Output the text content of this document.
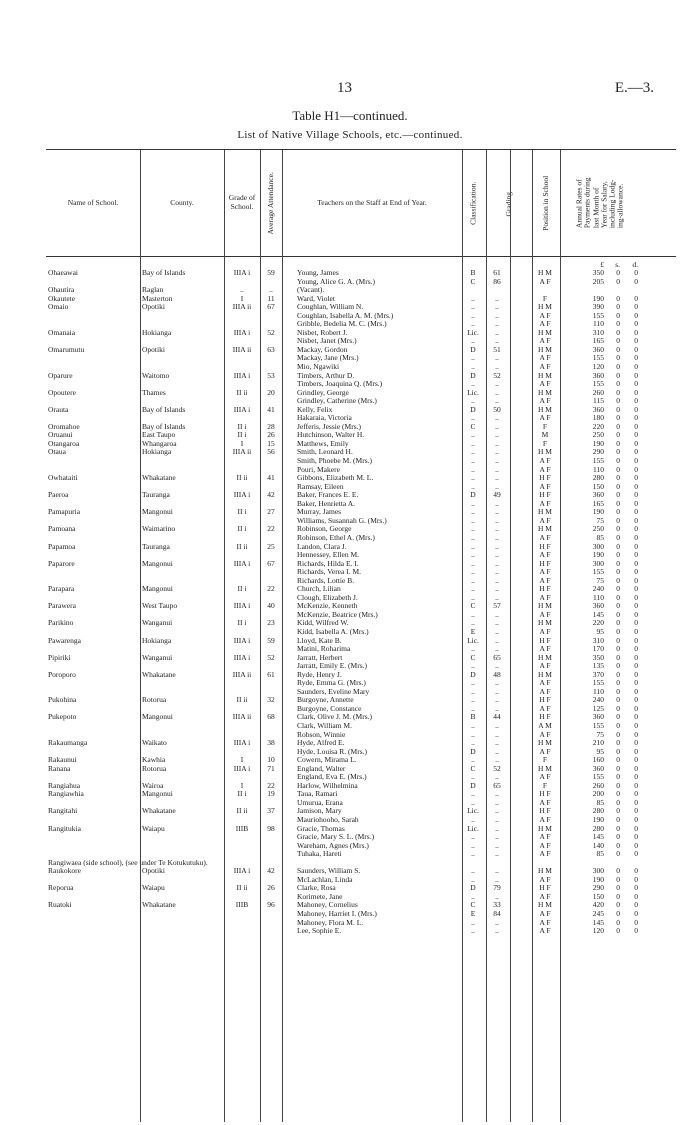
13	E.—3.
Table H1—continued.
List of Native Village Schools, etc.—continued.
Name of School.	County.	Grade of School.	Average Attendance.	Teachers on the Staff at End of Year.	Classification.	Grading.	Position in School	Annual Rates of
Payments during
last Month of
Year for Salary,
including Lodg-
ing-allowance.
£	s.	d.
Ohaeawai	Bay of Islands	IIIA i	59	Young, James	B	61	H M	350	0	0
Young, Alice G. A. (Mrs.)	C	86	A F	205	0	0
Ohautira	Raglan	..	..	(Vacant).
Okautete	Masterton	I	11	Ward, Violet	..	..	F	190	0	0
Omaio	Opotiki	IIIA ii	67	Coughlan, William N.	..	..	H M	390	0	0
Coughlan, Isabella A. M. (Mrs.)	..	..	A F	155	0	0
Gribble, Bedelia M. C. (Mrs.)	..	..	A F	110	0	0
Omanaia	Hokianga	IIIA i	52	Nisbet, Robert J.	Lic.	..	H M	310	0	0
Nisbet, Janet (Mrs.)	..	..	A F	165	0	0
Omarumutu	Opotiki	IIIA ii	63	Mackay, Gordon	D	51	H M	360	0	0
Mackay, Jane (Mrs.)	..	..	A F	155	0	0
Mio, Ngawiki	..	..	A F	120	0	0
Oparure	Waitomo	IIIA i	53	Timbers, Arthur D.	D	52	H M	360	0	0
Timbers, Joaquina Q. (Mrs.)	..	..	A F	155	0	0
Opoutere	Thames	II ii	20	Grindley, George	Lic.	..	H M	260	0	0
Grindley, Catherine (Mrs.)	..	..	A F	115	0	0
Orauta	Bay of Islands	IIIA i	41	Kelly, Felix	D	50	H M	360	0	0
Hakaraia, Victoria	..	..	A F	180	0	0
Oromahoe	Bay of Islands	II i	28	Jefferis, Jessie (Mrs.)	C	..	F	220	0	0
Oruanui	East Taupo	II i	26	Hutchinson, Walter H.	..	..	M	250	0	0
Otangaroa	Whangaroa	I	15	Matthews, Emily	..	..	F	190	0	0
Otaua	Hokianga	IIIA ii	56	Smith, Leonard H.	..	..	H M	290	0	0
Smith, Phoebe M. (Mrs.)	..	..	A F	155	0	0
Pouri, Makere	..	..	A F	110	0	0
Owhataiti	Whakatane	II ii	41	Gibbons, Elizabeth M. L.	..	..	H F	280	0	0
Ramsay, Eileen	..	..	A F	150	0	0
Paeroa	Tauranga	IIIA i	42	Baker, Frances E. E.	D	49	H F	360	0	0
Baker, Henrietta A.	..	..	A F	165	0	0
Pamapuria	Mangonui	II i	27	Murray, James	..	..	H M	190	0	0
Williams, Susannah G. (Mrs.)	..	..	A F	75	0	0
Pamoana	Waimarino	II i	22	Robinson, George	..	..	H M	250	0	0
Robinson, Ethel A. (Mrs.)	..	..	A F	85	0	0
Papamoa	Tauranga	II ii	25	Landon, Clara J.	..	..	H F	300	0	0
Hennessey, Ellen M.	..	..	A F	190	0	0
Paparore	Mangonui	IIIA i	67	Richards, Hilda E. I.	..	..	H F	300	0	0
Richards, Verea I. M.	..	..	A F	155	0	0
Richards, Lottie B.	..	..	A F	75	0	0
Parapara	Mangonui	II i	22	Church, Lilian	..	..	H F	240	0	0
Clough, Elizabeth J.	..	..	A F	110	0	0
Parawera	West Taupo	IIIA i	40	McKenzie, Kenneth	C	57	H M	360	0	0
McKenzie, Beatrice (Mrs.)	..	..	A F	145	0	0
Parikino	Wanganui	II i	23	Kidd, Wilfred W.	..	..	H M	220	0	0
Kidd, Isabella A. (Mrs.)	E	..	A F	95	0	0
Pawarenga	Hokianga	IIIA i	59	Lloyd, Kate B.	Lic.	..	H F	310	0	0
Matini, Roharima	..	..	A F	170	0	0
Pipiriki	Wanganui	IIIA i	52	Jarratt, Herbert	C	65	H M	350	0	0
Jarratt, Emily E. (Mrs.)	..	..	A F	135	0	0
Poroporo	Whakatane	IIIA ii	61	Ryde, Henry J.	D	48	H M	370	0	0
Ryde, Emma G. (Mrs.)	..	..	A F	155	0	0
Saunders, Eveline Mary	..	..	A F	110	0	0
Pukohina	Rotorua	II ii	32	Burgoyne, Annette	..	..	H F	240	0	0
Burgoyne, Constance	..	..	A F	125	0	0
Pukepoto	Mangonui	IIIA ii	68	Clark, Olive J. M. (Mrs.)	B	44	H F	360	0	0
Clark, William M.	..	..	A M	155	0	0
Robson, Winnie	..	..	A F	75	0	0
Rakaumanga	Waikato	IIIA i	38	Hyde, Alfred E.	..	..	H M	210	0	0
Hyde, Louisa R. (Mrs.)	D	..	A F	95	0	0
Rakaunui	Kawhia	I	10	Cowern, Mirama L.	..	..	F	160	0	0
Ranana	Rotorua	IIIA i	71	England, Walter	C	52	H M	360	0	0
England, Eva E. (Mrs.)	..	..	A F	155	0	0
Rangiahua	Wairoa	I	22	Harlow, Wilhelmina	D	65	F	260	0	0
Rangiawhia	Mangonui	II i	19	Taua, Ramari	..	..	H F	200	0	0
Umurua, Erana	..	..	A F	85	0	0
Rangitahi	Whakatane	II ii	37	Jamison, Mary	Lic.	..	H F	280	0	0
Mauriohooho, Sarah	..	..	A F	190	0	0
Rangitukia	Waiapu	IIIB	98	Gracie, Thomas	Lic.	..	H M	280	0	0
Gracie, Mary S. L. (Mrs.)	..	..	A F	145	0	0
Wareham, Agnes (Mrs.)	..	..	A F	140	0	0
Tuhaka, Hareti	..	..	A F	85	0	0
Rangiwaea (side school), (see under Te Kotukutuku).
Raukokore	Opotiki	IIIA i	42	Saunders, William S.	..	..	H M	300	0	0
McLachlan, Linda	..	..	A F	190	0	0
Reporua	Waiapu	II ii	26	Clarke, Rosa	D	79	H F	290	0	0
Korimete, Jane	..	..	A F	150	0	0
Ruatoki	Whakatane	IIIB	96	Mahoney, Cornelius	C	33	H M	420	0	0
Mahoney, Harriet I. (Mrs.)	E	84	A F	245	0	0
Mahoney, Flora M. L.	..	..	A F	145	0	0
Lee, Sophie E.	..	..	A F	120	0	0
